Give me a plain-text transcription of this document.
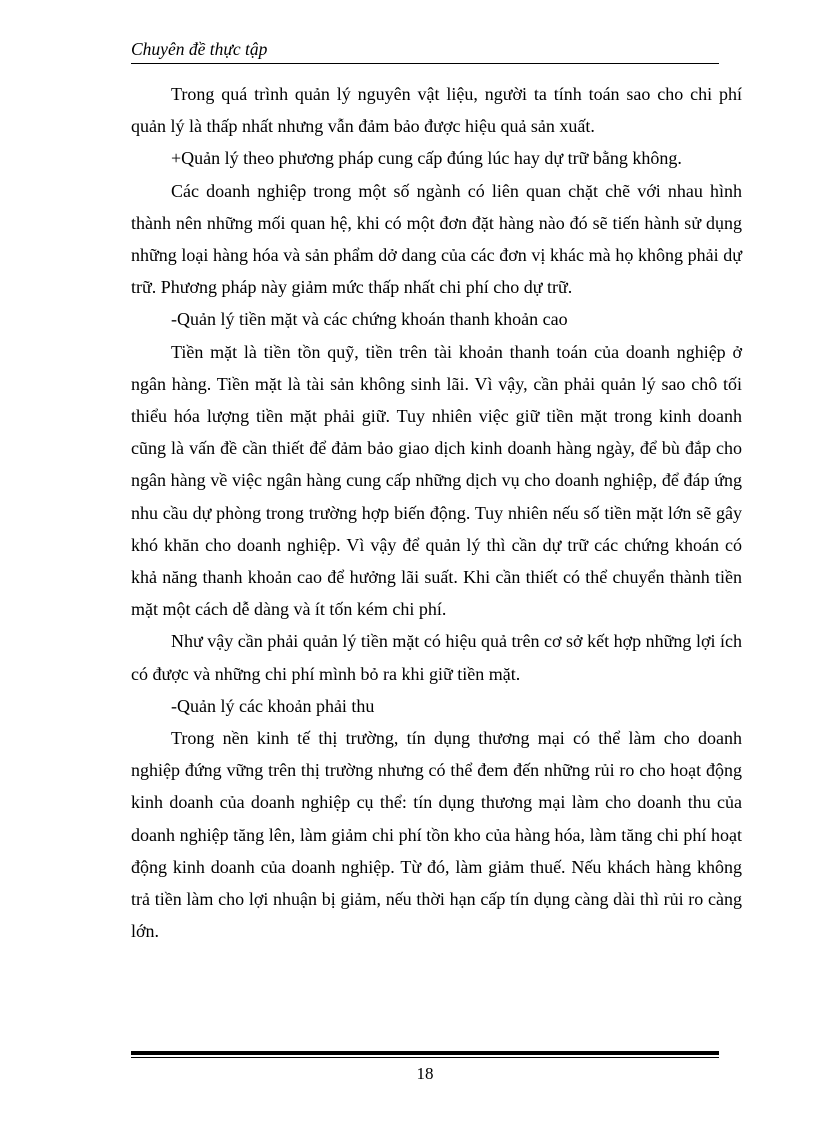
Chuyên đề thực tập

Trong quá trình quản lý nguyên vật liệu, người ta tính toán sao cho chi phí quản lý là thấp nhất nhưng vẫn đảm bảo được hiệu quả sản xuất.

+Quản lý theo phương pháp cung cấp đúng lúc hay dự trữ bằng không.

Các doanh nghiệp trong một số ngành có liên quan chặt chẽ với nhau hình thành nên những mối quan hệ, khi có một đơn đặt hàng nào đó sẽ tiến hành sử dụng những loại hàng hóa và sản phẩm dở dang của các đơn vị khác mà họ không phải dự trữ. Phương pháp này giảm mức thấp nhất chi phí cho dự trữ.

-Quản lý tiền mặt và các chứng khoán thanh khoản cao

Tiền mặt là tiền tồn quỹ, tiền trên tài khoản thanh toán của doanh nghiệp ở ngân hàng. Tiền mặt là tài sản không sinh lãi. Vì vậy, cần phải quản lý sao chô tối thiểu hóa lượng tiền mặt phải giữ. Tuy nhiên việc giữ tiền mặt trong kinh doanh cũng là vấn đề cần thiết để đảm bảo giao dịch kinh doanh hàng ngày, để bù đắp cho ngân hàng về việc ngân hàng cung cấp những dịch vụ cho doanh nghiệp, để đáp ứng nhu cầu dự phòng trong trường hợp biến động. Tuy nhiên nếu số tiền mặt lớn sẽ gây khó khăn cho doanh nghiệp. Vì vậy để quản lý thì cần dự trữ các chứng khoán có khả năng thanh khoản cao để hưởng lãi suất. Khi cần thiết có thể chuyển thành tiền mặt một cách dễ dàng và ít tốn kém chi phí.

Như vậy cần phải quản lý tiền mặt có hiệu quả trên cơ sở kết hợp những lợi ích có được và những chi phí mình bỏ ra khi giữ tiền mặt.

-Quản lý các khoản phải thu

Trong nền kinh tế thị trường, tín dụng thương mại có thể làm cho doanh nghiệp đứng vững trên thị trường nhưng có thể đem đến những rủi ro cho hoạt động kinh doanh của doanh nghiệp cụ thể: tín dụng thương mại làm cho doanh thu của doanh nghiệp tăng lên, làm giảm chi phí tồn kho của hàng hóa, làm tăng chi phí hoạt động kinh doanh của doanh nghiệp. Từ đó, làm giảm thuế. Nếu khách hàng không trả tiền làm cho lợi nhuận bị giảm, nếu thời hạn cấp tín dụng càng dài thì rủi ro càng lớn.

18
